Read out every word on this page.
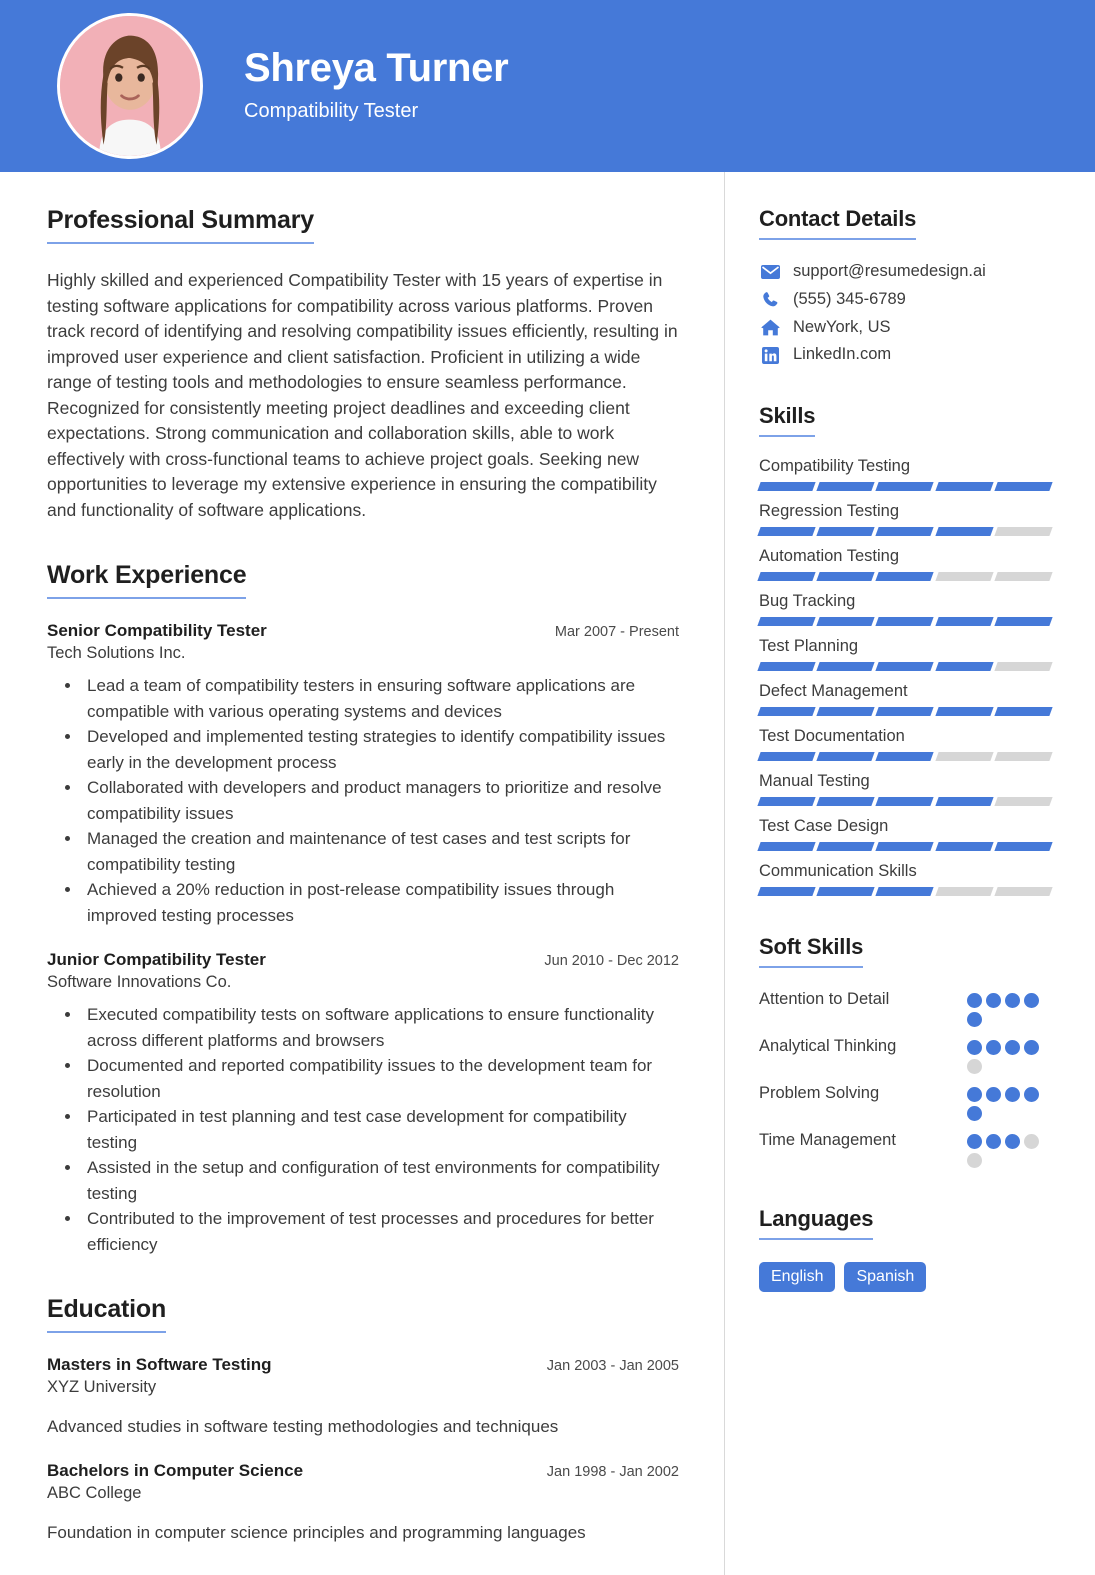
Shreya Turner
Compatibility Tester
Professional Summary

Highly skilled and experienced Compatibility Tester with 15 years of expertise in testing software applications for compatibility across various platforms. Proven track record of identifying and resolving compatibility issues efficiently, resulting in improved user experience and client satisfaction. Proficient in utilizing a wide range of testing tools and methodologies to ensure seamless performance. Recognized for consistently meeting project deadlines and exceeding client expectations. Strong communication and collaboration skills, able to work effectively with cross-functional teams to achieve project goals. Seeking new opportunities to leverage my extensive experience in ensuring the compatibility and functionality of software applications.

Work Experience
Senior Compatibility Tester	Mar 2007 - Present
Tech Solutions Inc.
• Lead a team of compatibility testers in ensuring software applications are compatible with various operating systems and devices
• Developed and implemented testing strategies to identify compatibility issues early in the development process
• Collaborated with developers and product managers to prioritize and resolve compatibility issues
• Managed the creation and maintenance of test cases and test scripts for compatibility testing
• Achieved a 20% reduction in post-release compatibility issues through improved testing processes
Junior Compatibility Tester	Jun 2010 - Dec 2012
Software Innovations Co.
• Executed compatibility tests on software applications to ensure functionality across different platforms and browsers
• Documented and reported compatibility issues to the development team for resolution
• Participated in test planning and test case development for compatibility testing
• Assisted in the setup and configuration of test environments for compatibility testing
• Contributed to the improvement of test processes and procedures for better efficiency
Education
Masters in Software Testing	Jan 2003 - Jan 2005
XYZ University
Advanced studies in software testing methodologies and techniques
Bachelors in Computer Science	Jan 1998 - Jan 2002
ABC College
Foundation in computer science principles and programming languages
Contact Details
support@resumedesign.ai
(555) 345-6789
NewYork, US
LinkedIn.com
Skills
Compatibility Testing
Regression Testing
Automation Testing
Bug Tracking
Test Planning
Defect Management
Test Documentation
Manual Testing
Test Case Design
Communication Skills
Soft Skills
Attention to Detail
Analytical Thinking
Problem Solving
Time Management
Languages
English	Spanish
